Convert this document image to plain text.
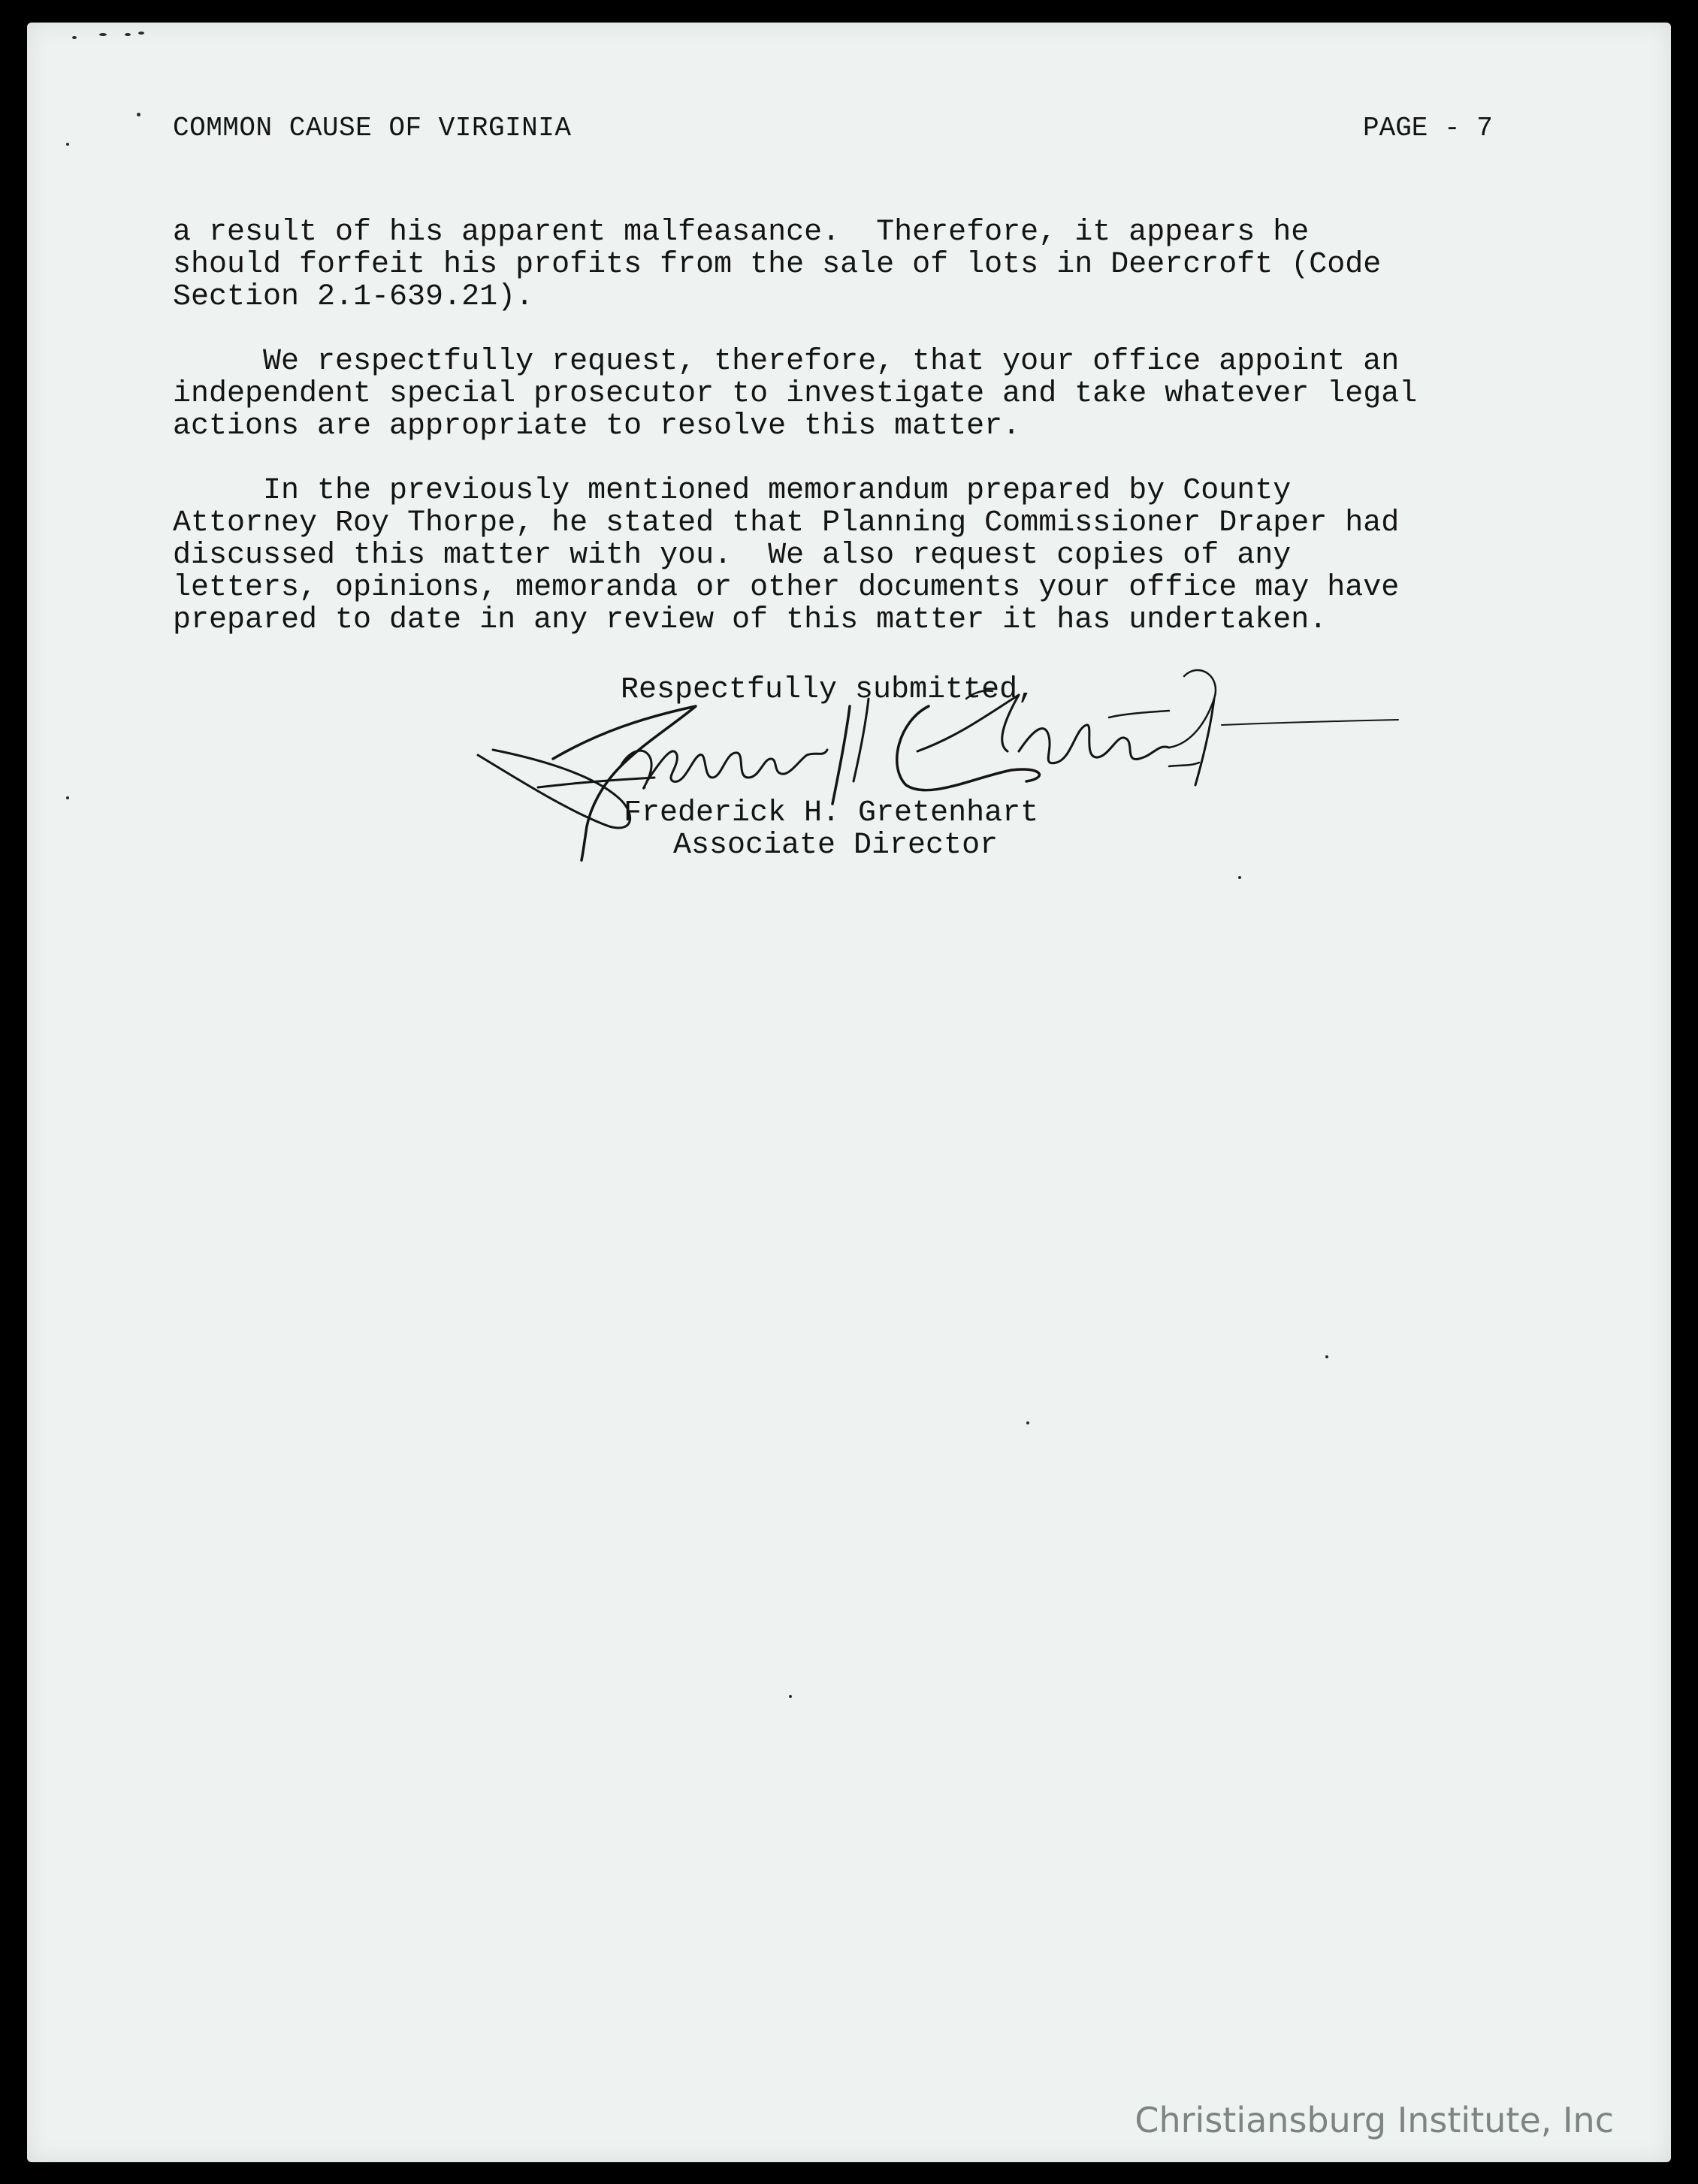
COMMON CAUSE OF VIRGINIA	PAGE - 7

a result of his apparent malfeasance.  Therefore, it appears he
should forfeit his profits from the sale of lots in Deercroft (Code
Section 2.1-639.21).

We respectfully request, therefore, that your office appoint an
independent special prosecutor to investigate and take whatever legal
actions are appropriate to resolve this matter.

In the previously mentioned memorandum prepared by County
Attorney Roy Thorpe, he stated that Planning Commissioner Draper had
discussed this matter with you.  We also request copies of any
letters, opinions, memoranda or other documents your office may have
prepared to date in any review of this matter it has undertaken.

Respectfully submitted,
Frederick H. Gretenhart
Associate Director
Christiansburg Institute, Inc
